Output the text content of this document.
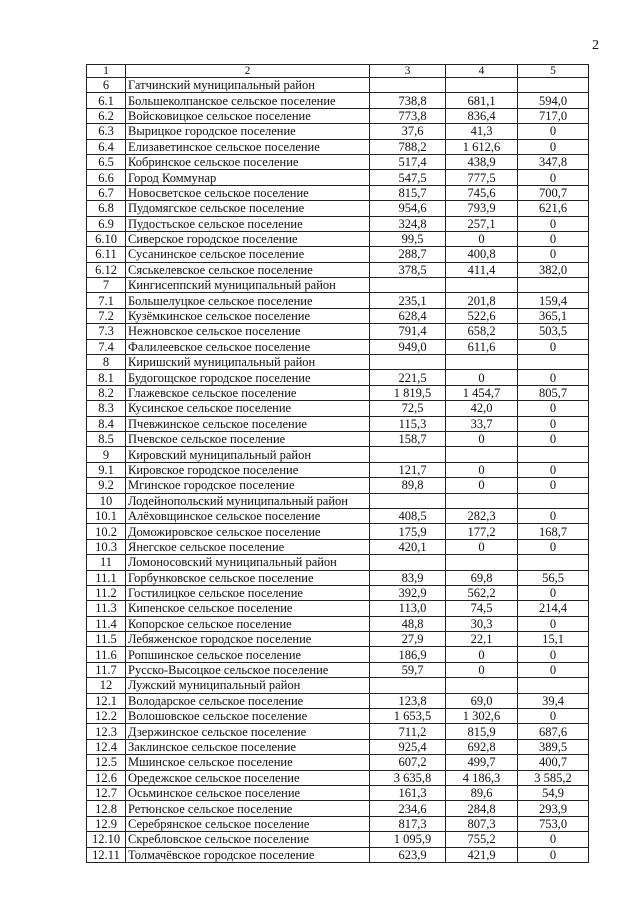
2
1	2	3	4	5
6	Гатчинский муниципальный район			
6.1	Большеколпанское сельское поселение	738,8	681,1	594,0
6.2	Войсковицкое сельское поселение	773,8	836,4	717,0
6.3	Вырицкое городское поселение	37,6	41,3	0
6.4	Елизаветинское сельское поселение	788,2	1 612,6	0
6.5	Кобринское сельское поселение	517,4	438,9	347,8
6.6	Город Коммунар	547,5	777,5	0
6.7	Новосветское сельское поселение	815,7	745,6	700,7
6.8	Пудомягское сельское поселение	954,6	793,9	621,6
6.9	Пудостьское сельское поселение	324,8	257,1	0
6.10	Сиверское городское поселение	99,5	0	0
6.11	Сусанинское сельское поселение	288,7	400,8	0
6.12	Сяськелевское сельское поселение	378,5	411,4	382,0
7	Кингисеппский муниципальный район			
7.1	Большелуцкое сельское поселение	235,1	201,8	159,4
7.2	Кузёмкинское сельское поселение	628,4	522,6	365,1
7.3	Нежновское сельское поселение	791,4	658,2	503,5
7.4	Фалилеевское сельское поселение	949,0	611,6	0
8	Киришский муниципальный район			
8.1	Будогощское городское поселение	221,5	0	0
8.2	Глажевское сельское поселение	1 819,5	1 454,7	805,7
8.3	Кусинское сельское поселение	72,5	42,0	0
8.4	Пчевжинское сельское поселение	115,3	33,7	0
8.5	Пчевское сельское поселение	158,7	0	0
9	Кировский муниципальный район			
9.1	Кировское городское поселение	121,7	0	0
9.2	Мгинское городское поселение	89,8	0	0
10	Лодейнопольский муниципальный район			
10.1	Алёховщинское сельское поселение	408,5	282,3	0
10.2	Доможировское сельское поселение	175,9	177,2	168,7
10.3	Янегское сельское поселение	420,1	0	0
11	Ломоносовский муниципальный район			
11.1	Горбунковское сельское поселение	83,9	69,8	56,5
11.2	Гостилицкое сельское поселение	392,9	562,2	0
11.3	Кипенское сельское поселение	113,0	74,5	214,4
11.4	Копорское сельское поселение	48,8	30,3	0
11.5	Лебяженское городское поселение	27,9	22,1	15,1
11.6	Ропшинское сельское поселение	186,9	0	0
11.7	Русско-Высоцкое сельское поселение	59,7	0	0
12	Лужский муниципальный район			
12.1	Володарское сельское поселение	123,8	69,0	39,4
12.2	Волошовское сельское поселение	1 653,5	1 302,6	0
12.3	Дзержинское сельское поселение	711,2	815,9	687,6
12.4	Заклинское сельское поселение	925,4	692,8	389,5
12.5	Мшинское сельское поселение	607,2	499,7	400,7
12.6	Оредежское сельское поселение	3 635,8	4 186,3	3 585,2
12.7	Осьминское сельское поселение	161,3	89,6	54,9
12.8	Ретюнское сельское поселение	234,6	284,8	293,9
12.9	Серебрянское сельское поселение	817,3	807,3	753,0
12.10	Скребловское сельское поселение	1 095,9	755,2	0
12.11	Толмачёвское городское поселение	623,9	421,9	0
